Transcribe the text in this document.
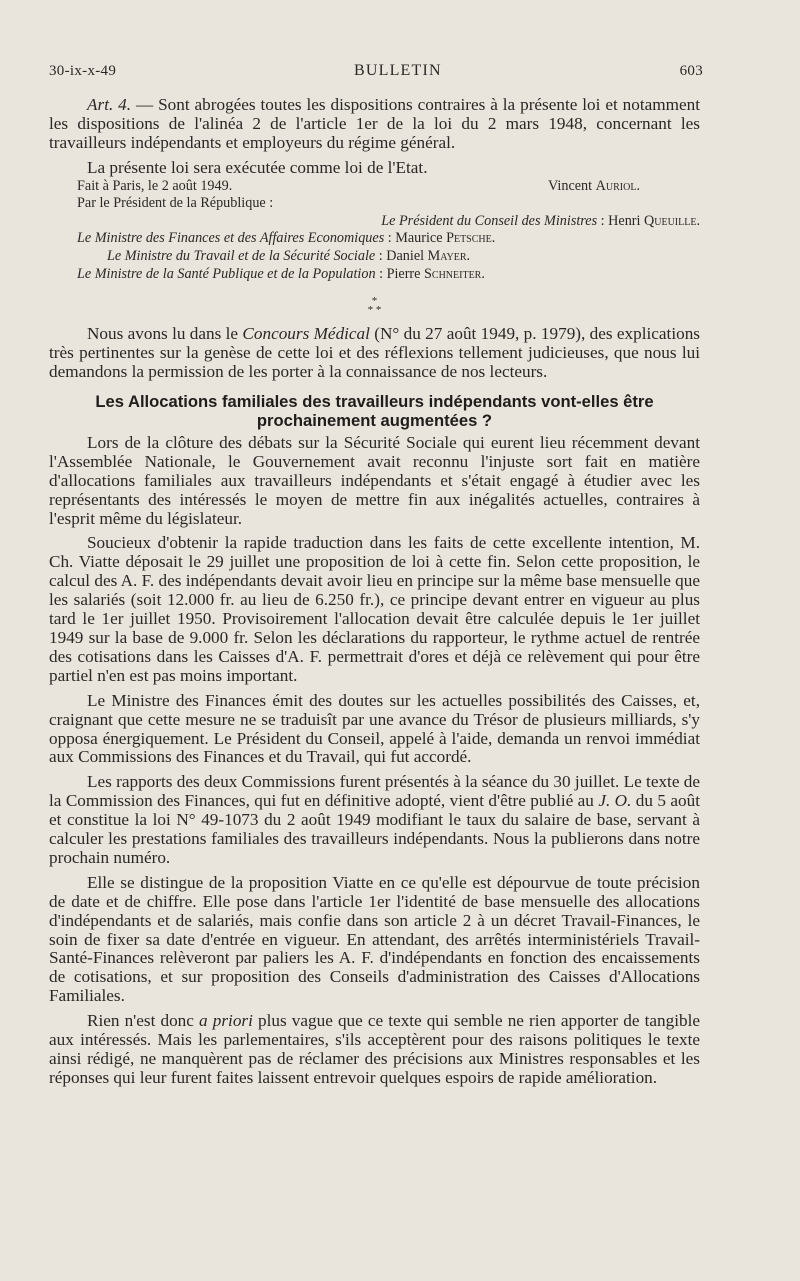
30-ix-x-49	BULLETIN	603

Art. 4. — Sont abrogées toutes les dispositions contraires à la présente loi et notamment les dispositions de l'alinéa 2 de l'article 1er de la loi du 2 mars 1948, concernant les travailleurs indépendants et employeurs du régime général.

La présente loi sera exécutée comme loi de l'Etat.

Fait à Paris, le 2 août 1949.	Vincent Auriol.

Par le Président de la République :

Le Président du Conseil des Ministres : Henri Queuille.

Le Ministre des Finances et des Affaires Economiques : Maurice Petsche.

Le Ministre du Travail et de la Sécurité Sociale : Daniel Mayer.

Le Ministre de la Santé Publique et de la Population : Pierre Schneiter.

*
* *

Nous avons lu dans le Concours Médical (N° du 27 août 1949, p. 1979), des explications très pertinentes sur la genèse de cette loi et des réflexions tellement judicieuses, que nous lui demandons la permission de les porter à la connaissance de nos lecteurs.

Les Allocations familiales des travailleurs indépendants vont-elles être prochainement augmentées ?

Lors de la clôture des débats sur la Sécurité Sociale qui eurent lieu récemment devant l'Assemblée Nationale, le Gouvernement avait reconnu l'injuste sort fait en matière d'allocations familiales aux travailleurs indépendants et s'était engagé à étudier avec les représentants des intéressés le moyen de mettre fin aux inégalités actuelles, contraires à l'esprit même du législateur.

Soucieux d'obtenir la rapide traduction dans les faits de cette excellente intention, M. Ch. Viatte déposait le 29 juillet une proposition de loi à cette fin. Selon cette proposition, le calcul des A. F. des indépendants devait avoir lieu en principe sur la même base mensuelle que les salariés (soit 12.000 fr. au lieu de 6.250 fr.), ce principe devant entrer en vigueur au plus tard le 1er juillet 1950. Provisoirement l'allocation devait être calculée depuis le 1er juillet 1949 sur la base de 9.000 fr. Selon les déclarations du rapporteur, le rythme actuel de rentrée des cotisations dans les Caisses d'A. F. permettrait d'ores et déjà ce relèvement qui pour être partiel n'en est pas moins important.

Le Ministre des Finances émit des doutes sur les actuelles possibilités des Caisses, et, craignant que cette mesure ne se traduisît par une avance du Trésor de plusieurs milliards, s'y opposa énergiquement. Le Président du Conseil, appelé à l'aide, demanda un renvoi immédiat aux Commissions des Finances et du Travail, qui fut accordé.

Les rapports des deux Commissions furent présentés à la séance du 30 juillet. Le texte de la Commission des Finances, qui fut en définitive adopté, vient d'être publié au J. O. du 5 août et constitue la loi N° 49-1073 du 2 août 1949 modifiant le taux du salaire de base, servant à calculer les prestations familiales des travailleurs indépendants. Nous la publierons dans notre prochain numéro.

Elle se distingue de la proposition Viatte en ce qu'elle est dépourvue de toute précision de date et de chiffre. Elle pose dans l'article 1er l'identité de base mensuelle des allocations d'indépendants et de salariés, mais confie dans son article 2 à un décret Travail-Finances, le soin de fixer sa date d'entrée en vigueur. En attendant, des arrêtés interministériels Travail-Santé-Finances relèveront par paliers les A. F. d'indépendants en fonction des encaissements de cotisations, et sur proposition des Conseils d'administration des Caisses d'Allocations Familiales.

Rien n'est donc a priori plus vague que ce texte qui semble ne rien apporter de tangible aux intéressés. Mais les parlementaires, s'ils acceptèrent pour des raisons politiques le texte ainsi rédigé, ne manquèrent pas de réclamer des précisions aux Ministres responsables et les réponses qui leur furent faites laissent entrevoir quelques espoirs de rapide amélioration.
